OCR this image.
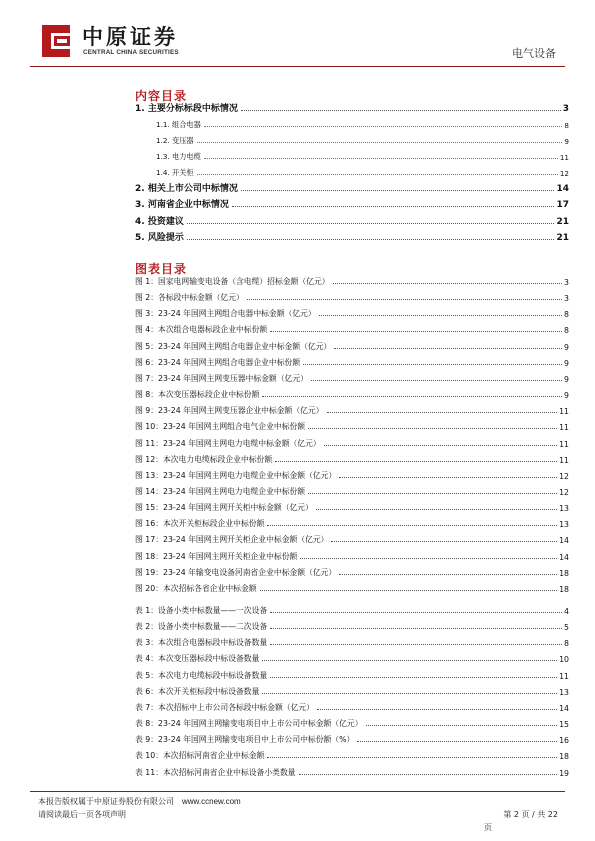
中原证券
CENTRAL CHINA SECURITIES	电气设备
内容目录
1. 主要分标标段中标情况	3
1.1. 组合电器	8
1.2. 变压器	9
1.3. 电力电缆	11
1.4. 开关柜	12
2. 相关上市公司中标情况	14
3. 河南省企业中标情况	17
4. 投资建议	21
5. 风险提示	21
图表目录
图 1：国家电网输变电设备（含电缆）招标金额（亿元）	3
图 2：各标段中标金额（亿元）	3
图 3：23-24 年国网主网组合电器中标金额（亿元）	8
图 4：本次组合电器标段企业中标份额	8
图 5：23-24 年国网主网组合电器企业中标金额（亿元）	9
图 6：23-24 年国网主网组合电器企业中标份额	9
图 7：23-24 年国网主网变压器中标金额（亿元）	9
图 8：本次变压器标段企业中标份额	9
图 9：23-24 年国网主网变压器企业中标金额（亿元）	11
图 10：23-24 年国网主网组合电气企业中标份额	11
图 11：23-24 年国网主网电力电缆中标金额（亿元）	11
图 12：本次电力电缆标段企业中标份额	11
图 13：23-24 年国网主网电力电缆企业中标金额（亿元）	12
图 14：23-24 年国网主网电力电缆企业中标份额	12
图 15：23-24 年国网主网开关柜中标金额（亿元）	13
图 16：本次开关柜标段企业中标份额	13
图 17：23-24 年国网主网开关柜企业中标金额（亿元）	14
图 18：23-24 年国网主网开关柜企业中标份额	14
图 19：23-24 年输变电设备河南省企业中标金额（亿元）	18
图 20：本次招标各省企业中标金额	18
表 1：设备小类中标数量——一次设备	4
表 2：设备小类中标数量——二次设备	5
表 3：本次组合电器标段中标设备数量	8
表 4：本次变压器标段中标设备数量	10
表 5：本次电力电缆标段中标设备数量	11
表 6：本次开关柜标段中标设备数量	13
表 7：本次招标中上市公司各标段中标金额（亿元）	14
表 8：23-24 年国网主网输变电项目中上市公司中标金额（亿元）	15
表 9：23-24 年国网主网输变电项目中上市公司中标份额（%）	16
表 10：本次招标河南省企业中标金额	18
表 11：本次招标河南省企业中标设备小类数量	19
本报告版权属于中原证券股份有限公司 www.ccnew.com
请阅读最后一页各项声明	第 2 页 / 共 22
页
